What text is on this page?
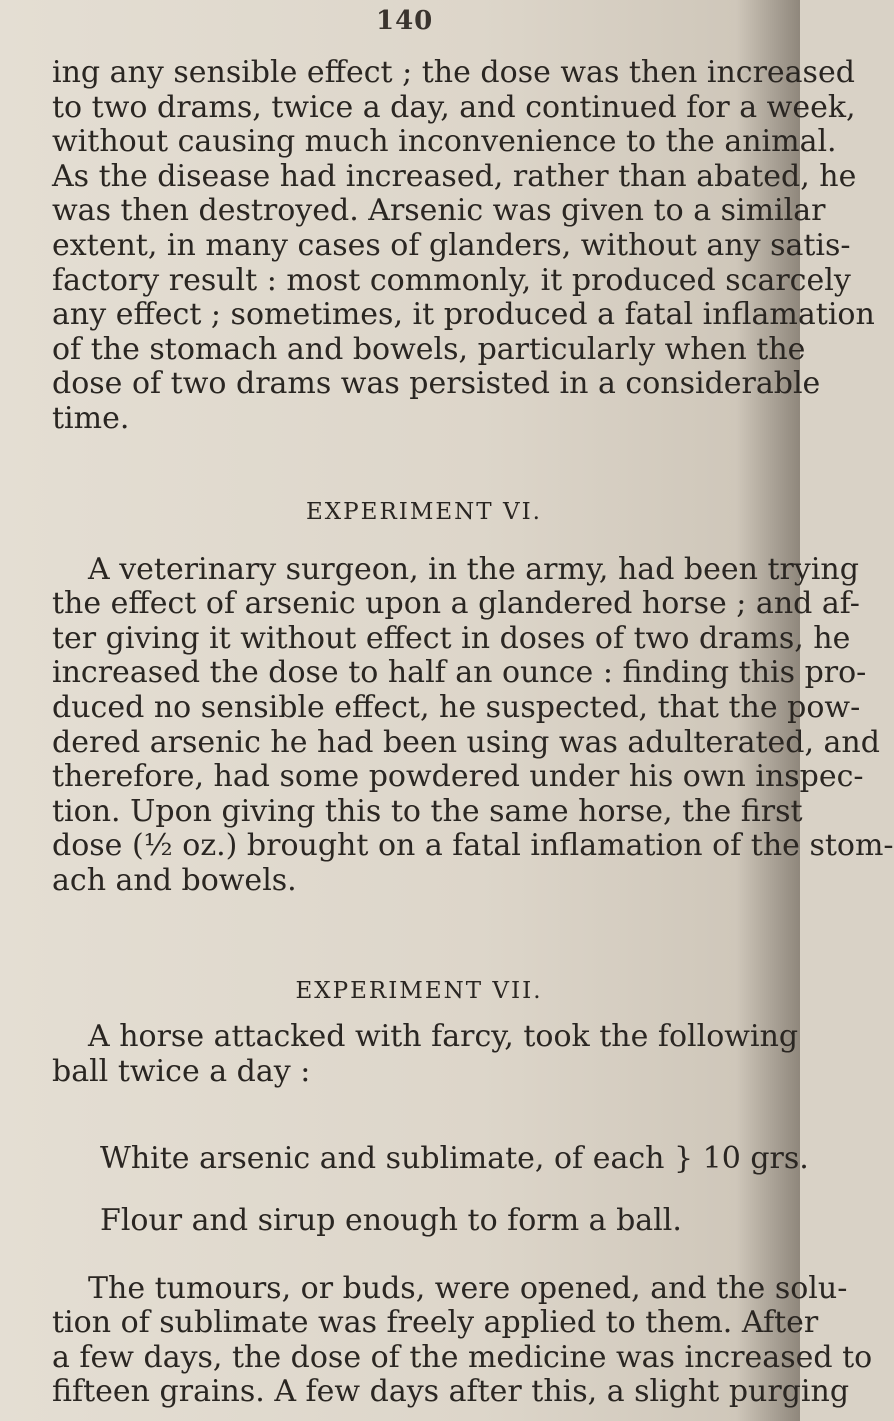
140

ing any sensible effect ; the dose was then increased
to two drams, twice a day, and continued for a week,
without causing much inconvenience to the animal.
As the disease had increased, rather than abated, he
was then destroyed. Arsenic was given to a similar
extent, in many cases of glanders, without any satis-
factory result : most commonly, it produced scarcely
any effect ; sometimes, it produced a fatal inflamation
of the stomach and bowels, particularly when the
dose of two drams was persisted in a considerable
time.

EXPERIMENT VI.

A veterinary surgeon, in the army, had been trying
the effect of arsenic upon a glandered horse ; and af-
ter giving it without effect in doses of two drams, he
increased the dose to half an ounce : finding this pro-
duced no sensible effect, he suspected, that the pow-
dered arsenic he had been using was adulterated, and
therefore, had some powdered under his own inspec-
tion. Upon giving this to the same horse, the first
dose (½ oz.) brought on a fatal inflamation of the stom-
ach and bowels.

EXPERIMENT VII.

A horse attacked with farcy, took the following
ball twice a day :

White arsenic and sublimate, of each } 10 grs.
Flour and sirup enough to form a ball.

The tumours, or buds, were opened, and the solu-
tion of sublimate was freely applied to them. After
a few days, the dose of the medicine was increased to
fifteen grains. A few days after this, a slight purging
